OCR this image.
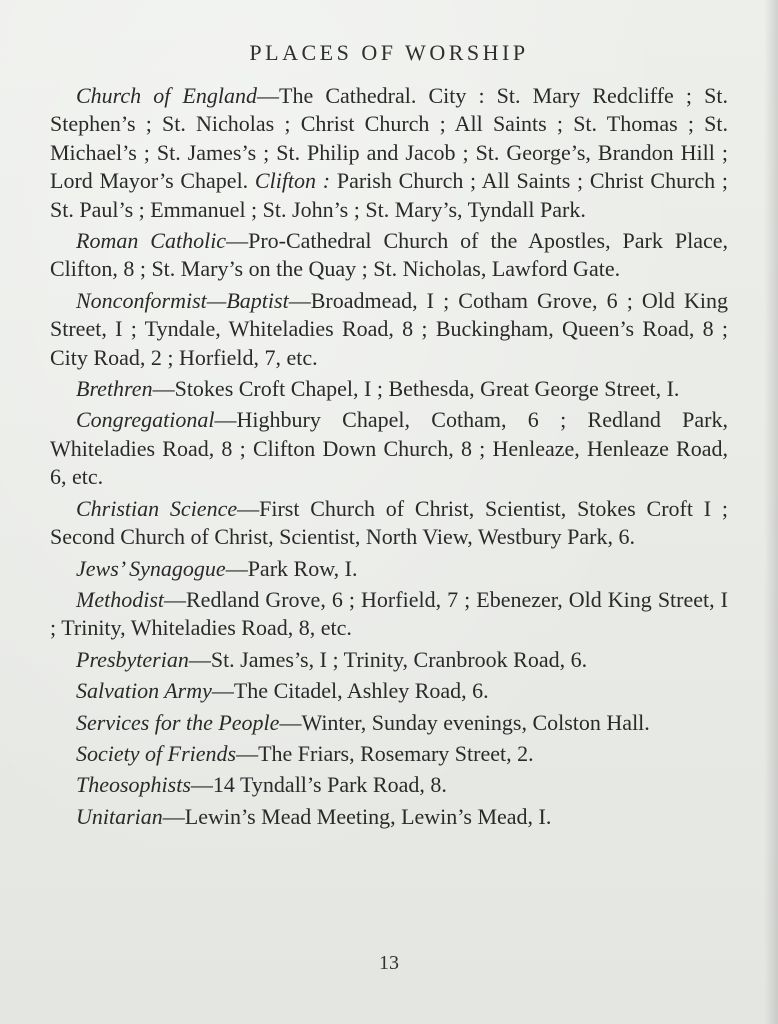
PLACES OF WORSHIP

Church of England—The Cathedral. City : St. Mary Redcliffe ; St. Stephen’s ; St. Nicholas ; Christ Church ; All Saints ; St. Thomas ; St. Michael’s ; St. James’s ; St. Philip and Jacob ; St. George’s, Brandon Hill ; Lord Mayor’s Chapel. Clifton : Parish Church ; All Saints ; Christ Church ; St. Paul’s ; Emmanuel ; St. John’s ; St. Mary’s, Tyndall Park.

Roman Catholic—Pro-Cathedral Church of the Apostles, Park Place, Clifton, 8 ; St. Mary’s on the Quay ; St. Nicholas, Lawford Gate.

Nonconformist—Baptist—Broadmead, I ; Cotham Grove, 6 ; Old King Street, I ; Tyndale, Whiteladies Road, 8 ; Buckingham, Queen’s Road, 8 ; City Road, 2 ; Horfield, 7, etc.

Brethren—Stokes Croft Chapel, I ; Bethesda, Great George Street, I.

Congregational—Highbury Chapel, Cotham, 6 ; Redland Park, Whiteladies Road, 8 ; Clifton Down Church, 8 ; Henleaze, Henleaze Road, 6, etc.

Christian Science—First Church of Christ, Scientist, Stokes Croft I ; Second Church of Christ, Scientist, North View, Westbury Park, 6.

Jews’ Synagogue—Park Row, I.

Methodist—Redland Grove, 6 ; Horfield, 7 ; Ebenezer, Old King Street, I ; Trinity, Whiteladies Road, 8, etc.

Presbyterian—St. James’s, I ; Trinity, Cranbrook Road, 6.

Salvation Army—The Citadel, Ashley Road, 6.

Services for the People—Winter, Sunday evenings, Colston Hall.

Society of Friends—The Friars, Rosemary Street, 2.

Theosophists—14 Tyndall’s Park Road, 8.

Unitarian—Lewin’s Mead Meeting, Lewin’s Mead, I.

13
